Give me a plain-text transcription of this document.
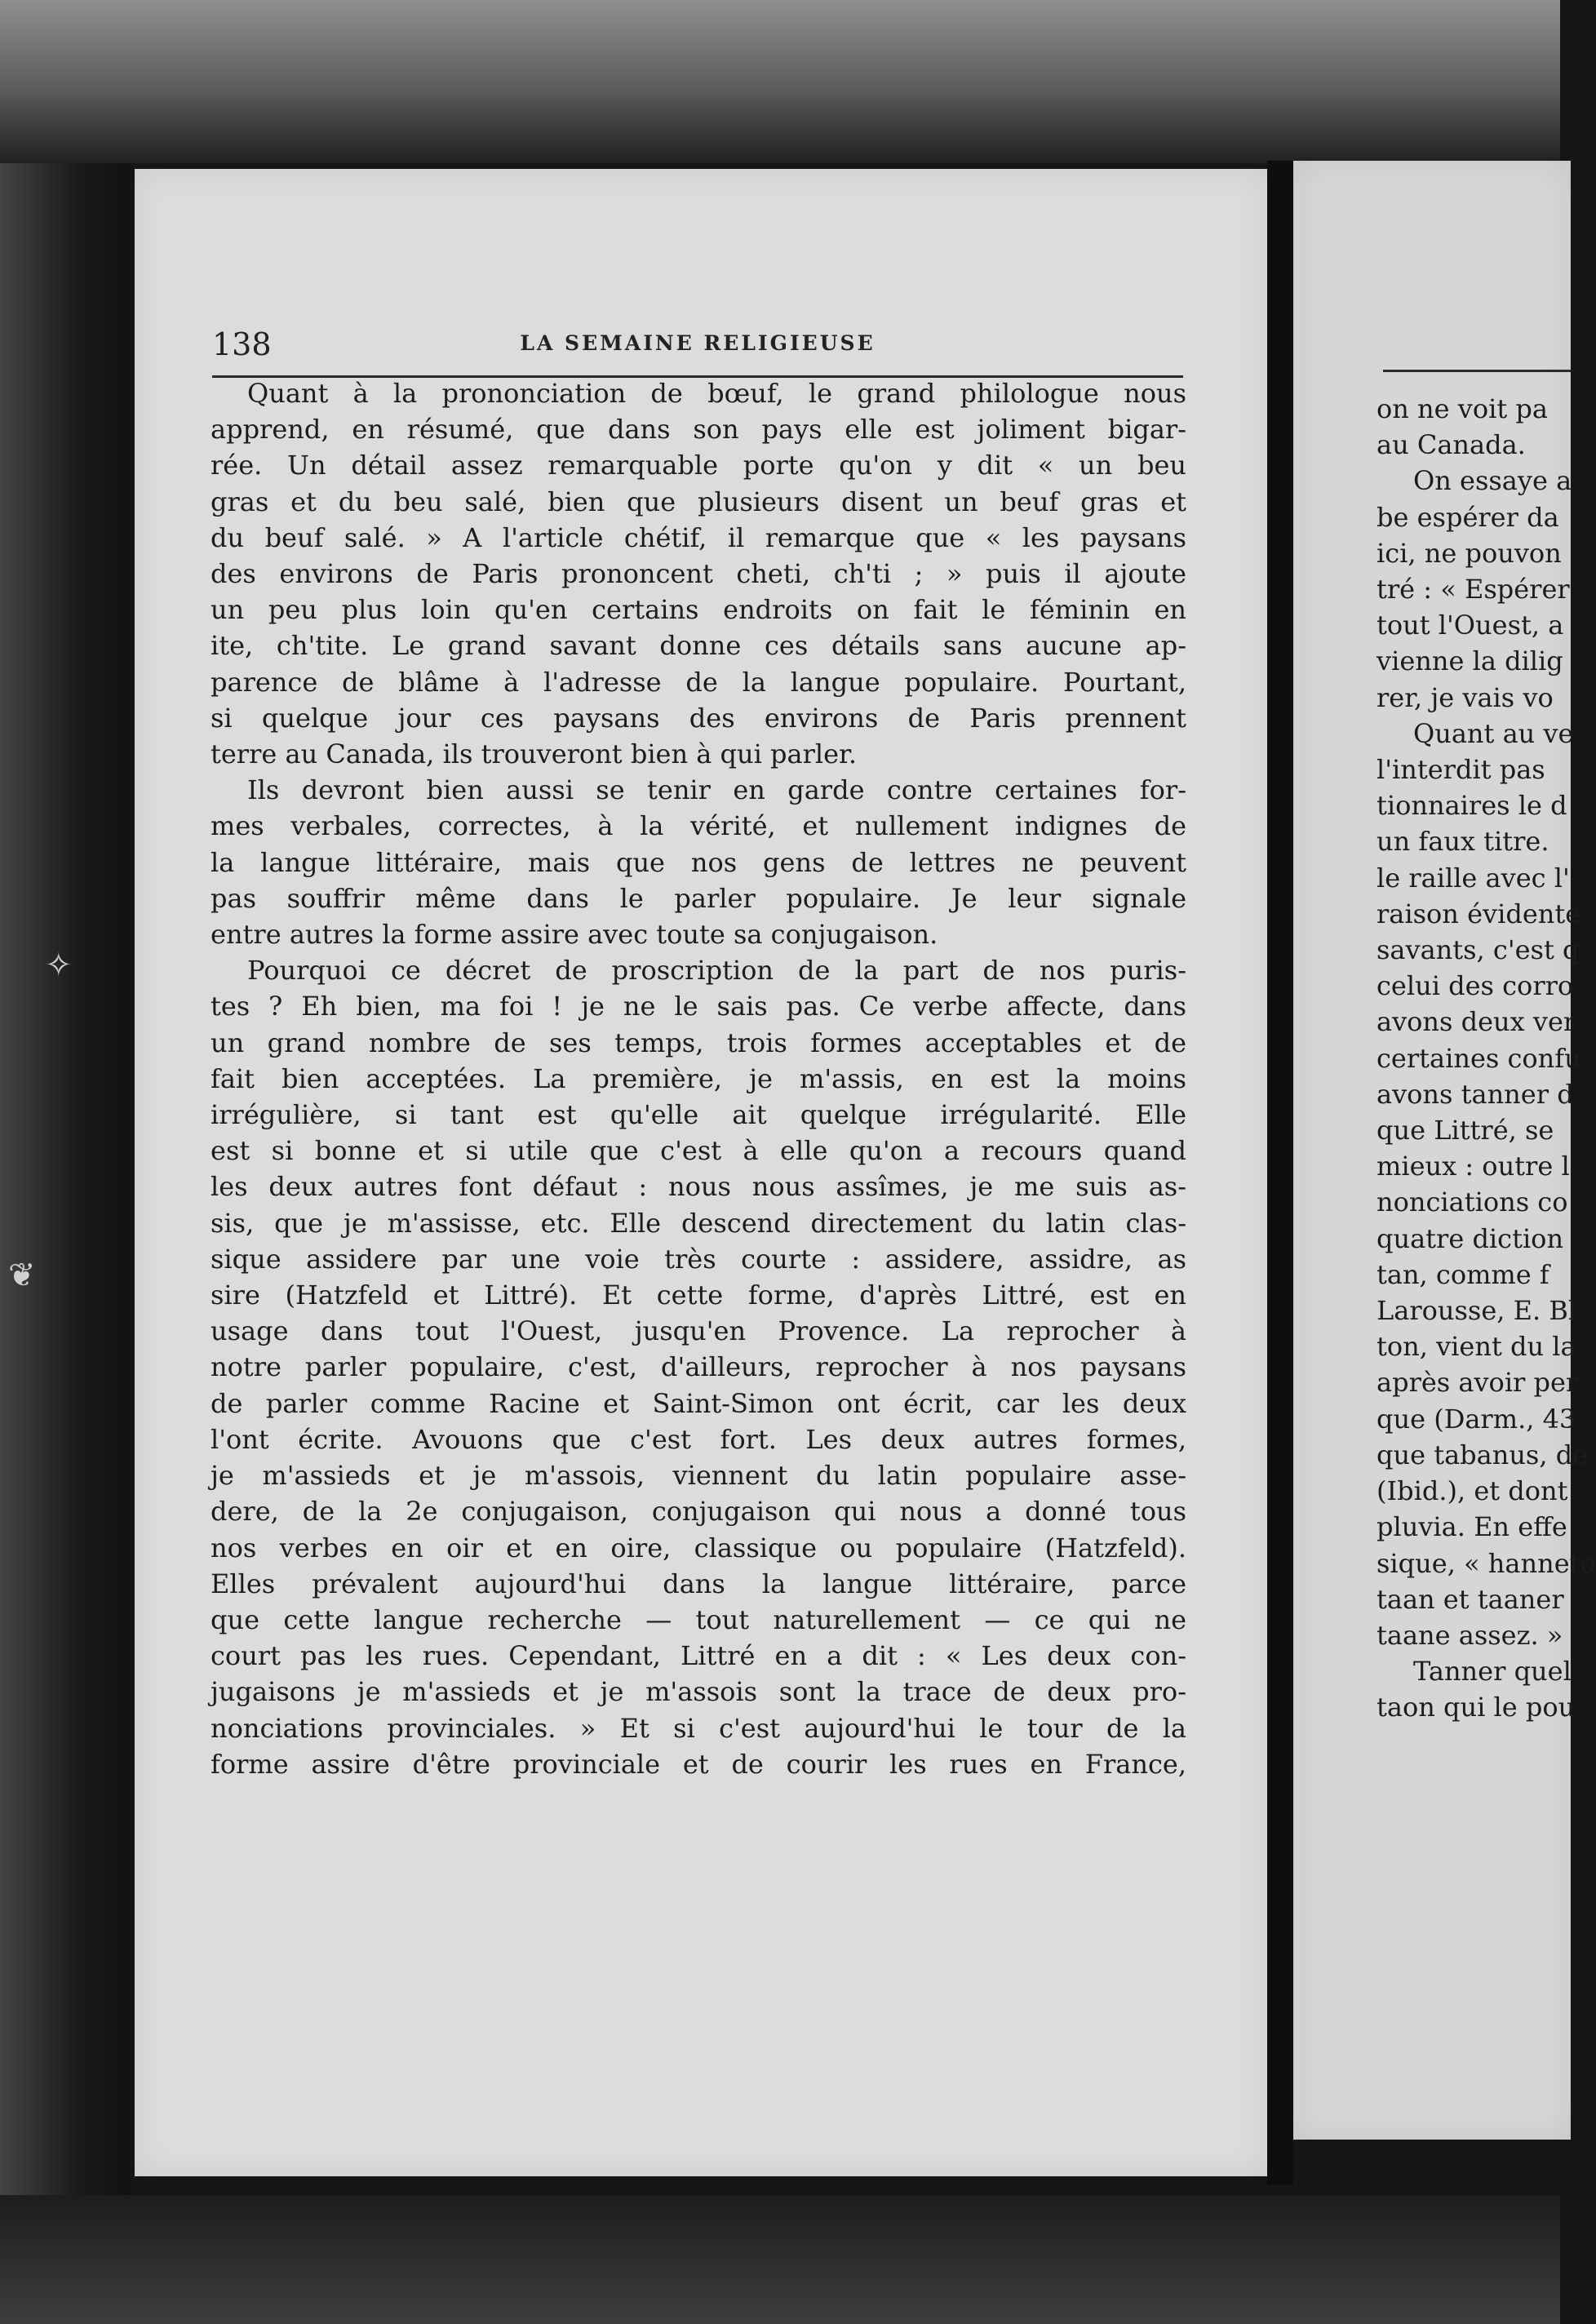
✧
❦
138	LA SEMAINE RELIGIEUSE
Quant à la prononciation de bœuf, le grand philologue nous
apprend, en résumé, que dans son pays elle est joliment bigar-
rée. Un détail assez remarquable porte qu'on y dit « un beu
gras et du beu salé, bien que plusieurs disent un beuf gras et
du beuf salé. » A l'article chétif, il remarque que « les paysans
des environs de Paris prononcent cheti, ch'ti ; » puis il ajoute
un peu plus loin qu'en certains endroits on fait le féminin en
ite, ch'tite. Le grand savant donne ces détails sans aucune ap-
parence de blâme à l'adresse de la langue populaire. Pourtant,
si quelque jour ces paysans des environs de Paris prennent
terre au Canada, ils trouveront bien à qui parler.
Ils devront bien aussi se tenir en garde contre certaines for-
mes verbales, correctes, à la vérité, et nullement indignes de
la langue littéraire, mais que nos gens de lettres ne peuvent
pas souffrir même dans le parler populaire. Je leur signale
entre autres la forme assire avec toute sa conjugaison.
Pourquoi ce décret de proscription de la part de nos puris-
tes ? Eh bien, ma foi ! je ne le sais pas. Ce verbe affecte, dans
un grand nombre de ses temps, trois formes acceptables et de
fait bien acceptées. La première, je m'assis, en est la moins
irrégulière, si tant est qu'elle ait quelque irrégularité. Elle
est si bonne et si utile que c'est à elle qu'on a recours quand
les deux autres font défaut : nous nous assîmes, je me suis as-
sis, que je m'assisse, etc. Elle descend directement du latin clas-
sique assidere par une voie très courte : assidere, assidre, as
sire (Hatzfeld et Littré). Et cette forme, d'après Littré, est en
usage dans tout l'Ouest, jusqu'en Provence. La reprocher à
notre parler populaire, c'est, d'ailleurs, reprocher à nos paysans
de parler comme Racine et Saint-Simon ont écrit, car les deux
l'ont écrite. Avouons que c'est fort. Les deux autres formes,
je m'assieds et je m'assois, viennent du latin populaire asse-
dere, de la 2e conjugaison, conjugaison qui nous a donné tous
nos verbes en oir et en oire, classique ou populaire (Hatzfeld).
Elles prévalent aujourd'hui dans la langue littéraire, parce
que cette langue recherche — tout naturellement — ce qui ne
court pas les rues. Cependant, Littré en a dit : « Les deux con-
jugaisons je m'assieds et je m'assois sont la trace de deux pro-
nonciations provinciales. » Et si c'est aujourd'hui le tour de la
forme assire d'être provinciale et de courir les rues en France,
on ne voit pa
au Canada.
On essaye a
be espérer da
ici, ne pouvon
tré : « Espérer
tout l'Ouest, a
vienne la dilig
rer, je vais vo
Quant au ve
l'interdit pas
tionnaires le d
un faux titre.
le raille avec l'
raison évidente
savants, c'est q
celui des corro
avons deux ver
certaines confu
avons tanner d
que Littré, se
mieux : outre l
nonciations co
quatre diction
tan, comme f
Larousse, E. Bl
ton, vient du la
après avoir per
que (Darm., 43
que tabanus, de
(Ibid.), et dont
pluvia. En effe
sique, « hanneto
taan et taaner
taane assez. »
Tanner quel
taon qui le pou
